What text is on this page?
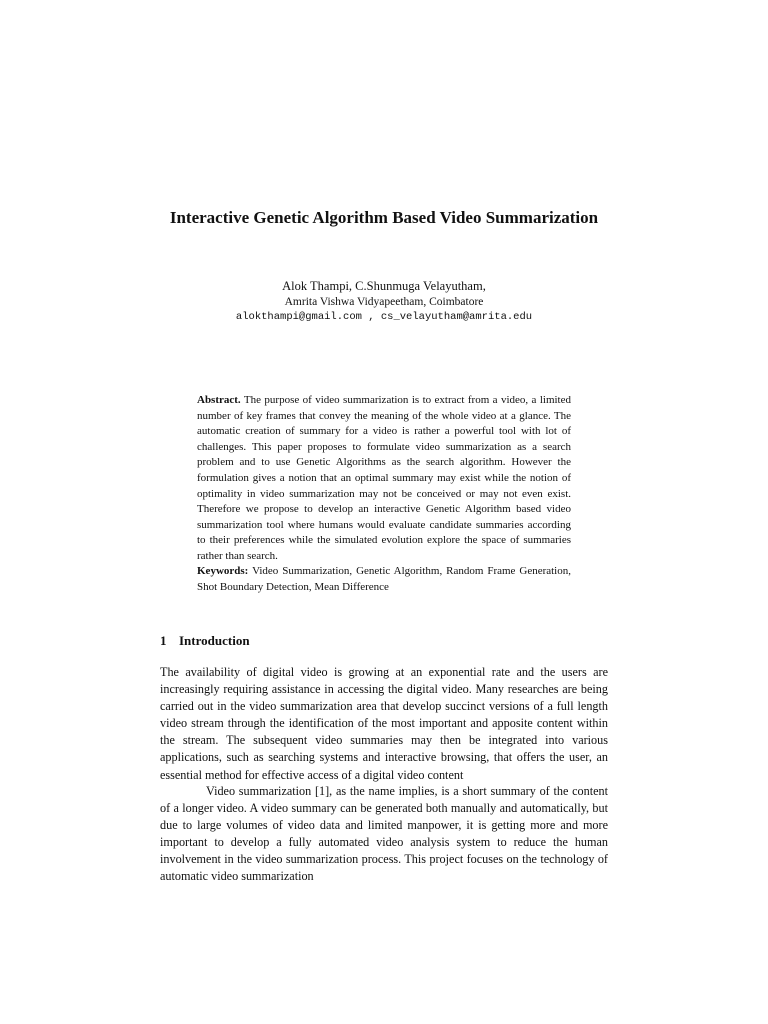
Interactive Genetic Algorithm Based Video Summarization
Alok Thampi, C.Shunmuga Velayutham,
Amrita Vishwa Vidyapeetham, Coimbatore
alokthampi@gmail.com , cs_velayutham@amrita.edu

Abstract. The purpose of video summarization is to extract from a video, a limited number of key frames that convey the meaning of the whole video at a glance. The automatic creation of summary for a video is rather a powerful tool with lot of challenges. This paper proposes to formulate video summarization as a search problem and to use Genetic Algorithms as the search algorithm. However the formulation gives a notion that an optimal summary may exist while the notion of optimality in video summarization may not be conceived or may not even exist. Therefore we propose to develop an interactive Genetic Algorithm based video summarization tool where humans would evaluate candidate summaries according to their preferences while the simulated evolution explore the space of summaries rather than search.

Keywords: Video Summarization, Genetic Algorithm, Random Frame Generation, Shot Boundary Detection, Mean Difference

1 Introduction

The availability of digital video is growing at an exponential rate and the users are increasingly requiring assistance in accessing the digital video. Many researches are being carried out in the video summarization area that develop succinct versions of a full length video stream through the identification of the most important and apposite content within the stream. The subsequent video summaries may then be integrated into various applications, such as searching systems and interactive browsing, that offers the user, an essential method for effective access of a digital video content

Video summarization [1], as the name implies, is a short summary of the content of a longer video. A video summary can be generated both manually and automatically, but due to large volumes of video data and limited manpower, it is getting more and more important to develop a fully automated video analysis system to reduce the human involvement in the video summarization process. This project focuses on the technology of automatic video summarization
